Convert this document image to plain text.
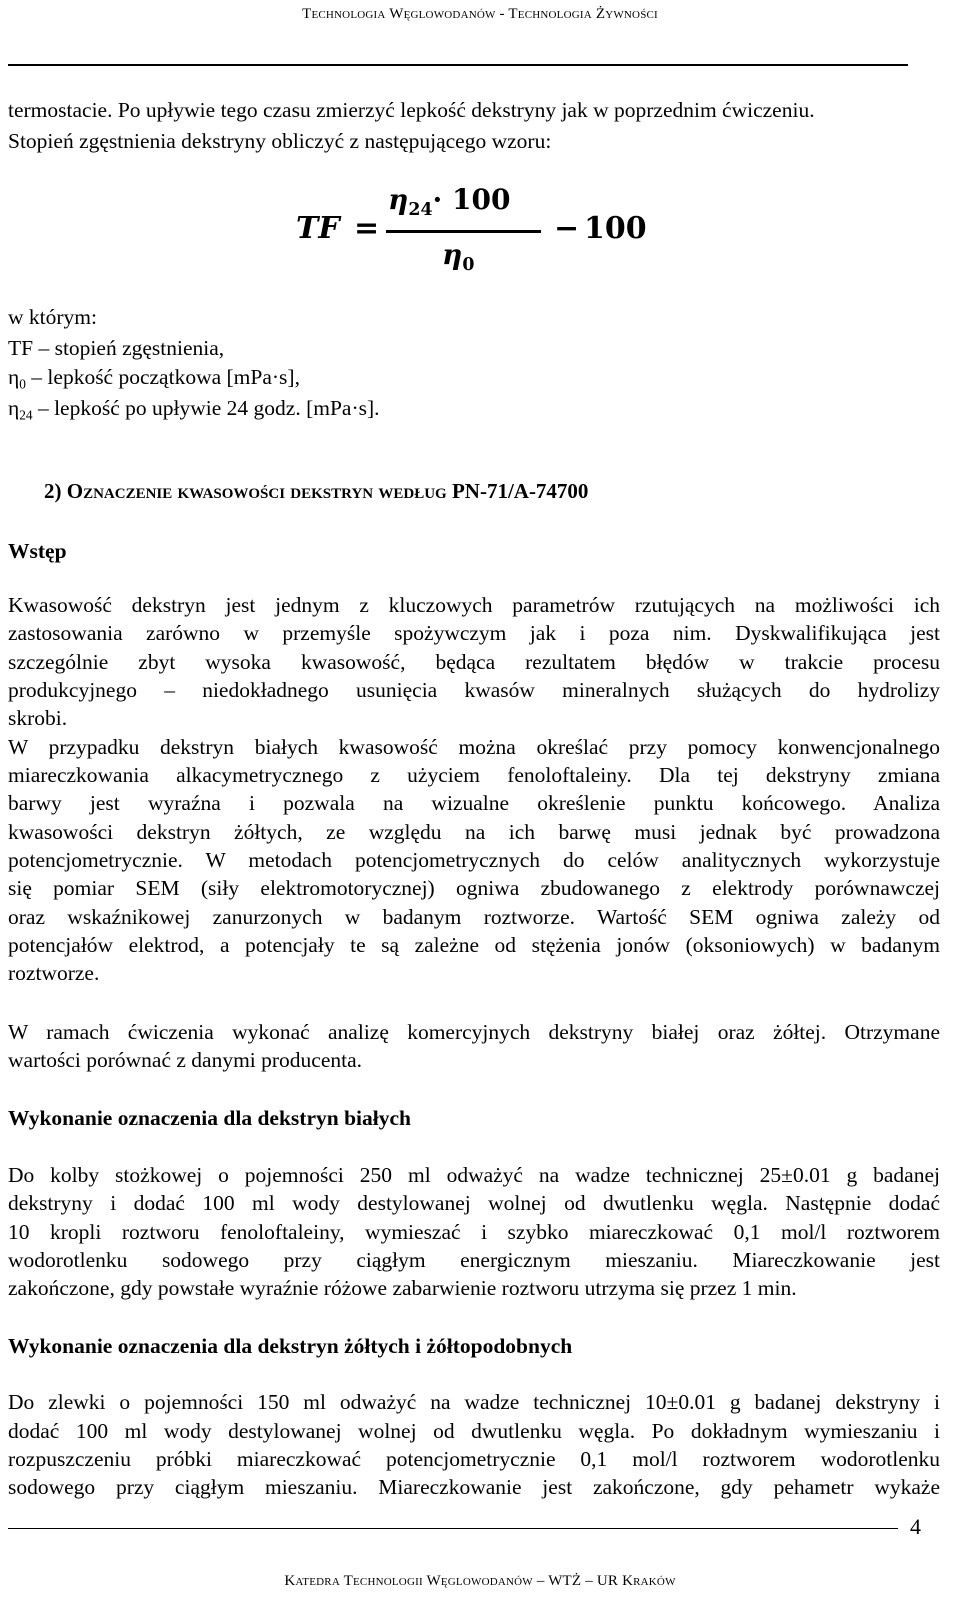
Technologia Węglowodanów - Technologia Żywności
termostacie. Po upływie tego czasu zmierzyć lepkość dekstryny jak w poprzednim ćwiczeniu.
Stopień zgęstnienia dekstryny obliczyć z następującego wzoru:
TF =
$\eta_{24}\cdot 100$
$\eta_0$
− 100
w którym:
TF – stopień zgęstnienia,
$\eta_0$ – lepkość początkowa [mPa·s],
$\eta_{24}$ – lepkość po upływie 24 godz. [mPa·s].
2) Oznaczenie kwasowości dekstryn według PN-71/A-74700
Wstęp
Kwasowość dekstryn jest jednym z kluczowych parametrów rzutujących na możliwości ich
zastosowania zarówno w przemyśle spożywczym jak i poza nim. Dyskwalifikująca jest
szczególnie zbyt wysoka kwasowość, będąca rezultatem błędów w trakcie procesu
produkcyjnego – niedokładnego usunięcia kwasów mineralnych służących do hydrolizy
skrobi.
W przypadku dekstryn białych kwasowość można określać przy pomocy konwencjonalnego
miareczkowania alkacymetrycznego z użyciem fenoloftaleiny. Dla tej dekstryny zmiana
barwy jest wyraźna i pozwala na wizualne określenie punktu końcowego. Analiza
kwasowości dekstryn żółtych, ze względu na ich barwę musi jednak być prowadzona
potencjometrycznie. W metodach potencjometrycznych do celów analitycznych wykorzystuje
się pomiar SEM (siły elektromotorycznej) ogniwa zbudowanego z elektrody porównawczej
oraz wskaźnikowej zanurzonych w badanym roztworze. Wartość SEM ogniwa zależy od
potencjałów elektrod, a potencjały te są zależne od stężenia jonów (oksoniowych) w badanym
roztworze.
W ramach ćwiczenia wykonać analizę komercyjnych dekstryny białej oraz żółtej. Otrzymane
wartości porównać z danymi producenta.
Wykonanie oznaczenia dla dekstryn białych
Do kolby stożkowej o pojemności 250 ml odważyć na wadze technicznej 25±0.01 g badanej
dekstryny i dodać 100 ml wody destylowanej wolnej od dwutlenku węgla. Następnie dodać
10 kropli roztworu fenoloftaleiny, wymieszać i szybko miareczkować 0,1 mol/l roztworem
wodorotlenku sodowego przy ciągłym energicznym mieszaniu. Miareczkowanie jest
zakończone, gdy powstałe wyraźnie różowe zabarwienie roztworu utrzyma się przez 1 min.
Wykonanie oznaczenia dla dekstryn żółtych i żółtopodobnych
Do zlewki o pojemności 150 ml odważyć na wadze technicznej 10±0.01 g badanej dekstryny i
dodać 100 ml wody destylowanej wolnej od dwutlenku węgla. Po dokładnym wymieszaniu i
rozpuszczeniu próbki miareczkować potencjometrycznie 0,1 mol/l roztworem wodorotlenku
sodowego przy ciągłym mieszaniu. Miareczkowanie jest zakończone, gdy pehametr wykaże
4
Katedra Technologii Węglowodanów – WTŻ – UR Kraków
